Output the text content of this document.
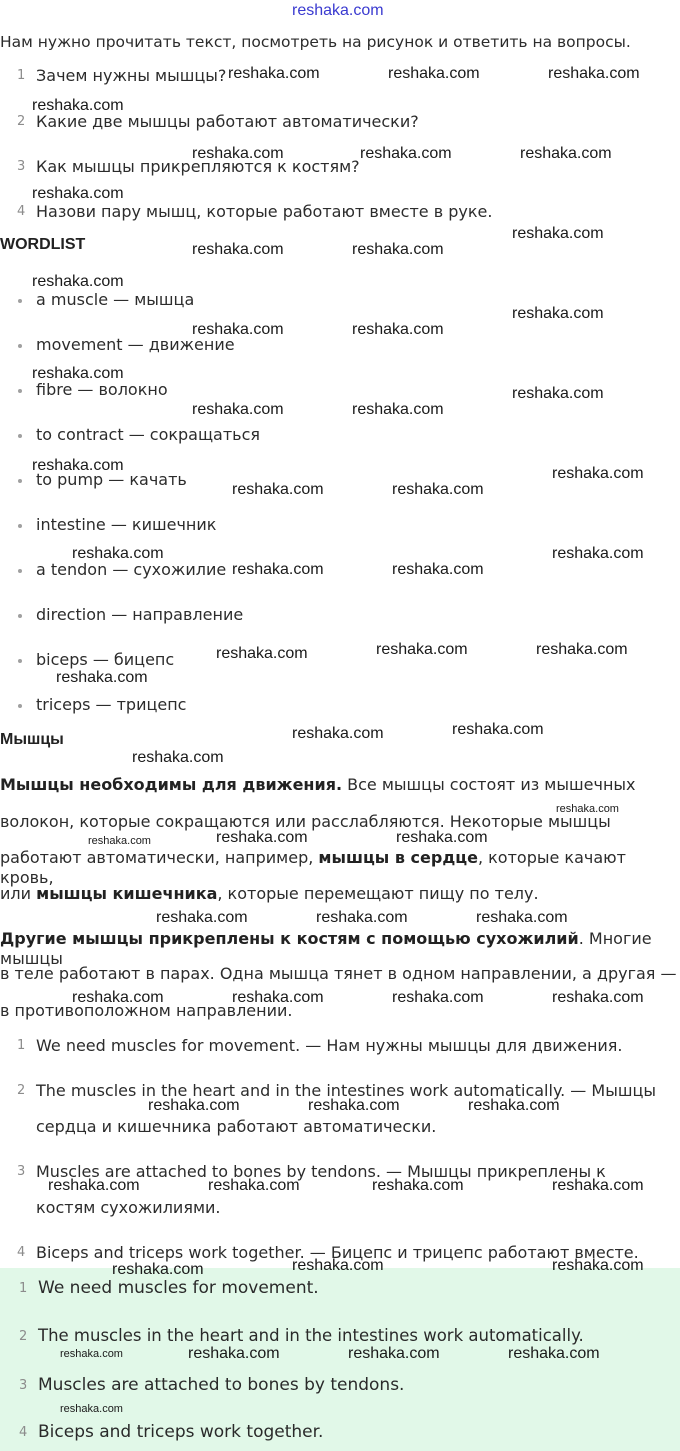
reshaka.com
Нам нужно прочитать текст, посмотреть на рисунок и ответить на вопросы.
1 Зачем нужны мышцы?
2 Какие две мышцы работают автоматически?
3 Как мышцы прикрепляются к костям?
4 Назови пару мышц, которые работают вместе в руке.
WORDLIST
a muscle — мышца
movement — движение
fibre — волокно
to contract — сокращаться
to pump — качать
intestine — кишечник
a tendon — сухожилие
direction — направление
biceps — бицепс
triceps — трицепс
Мышцы
Мышцы необходимы для движения. Все мышцы состоят из мышечных
волокон, которые сокращаются или расслабляются. Некоторые мышцы
работают автоматически, например, мышцы в сердце, которые качают кровь,
или мышцы кишечника, которые перемещают пищу по телу.
Другие мышцы прикреплены к костям с помощью сухожилий. Многие мышцы
в теле работают в парах. Одна мышца тянет в одном направлении, а другая —
в противоположном направлении.
1 We need muscles for movement. — Нам нужны мышцы для движения.
2 The muscles in the heart and in the intestines work automatically. — Мышцы
сердца и кишечника работают автоматически.
3 Muscles are attached to bones by tendons. — Мышцы прикреплены к
костям сухожилиями.
4 Biceps and triceps work together. — Бицепс и трицепс работают вместе.
1 We need muscles for movement.
2 The muscles in the heart and in the intestines work automatically.
3 Muscles are attached to bones by tendons.
4 Biceps and triceps work together.
reshaka.com	reshaka.com	reshaka.com
reshaka.com
reshaka.com	reshaka.com	reshaka.com
reshaka.com
reshaka.com
reshaka.com	reshaka.com
reshaka.com
reshaka.com
reshaka.com	reshaka.com
reshaka.com
reshaka.com
reshaka.com	reshaka.com
reshaka.com	reshaka.com
reshaka.com	reshaka.com
reshaka.com	reshaka.com
reshaka.com	reshaka.com
reshaka.com	reshaka.com
reshaka.com
reshaka.com
reshaka.com
reshaka.com
reshaka.com
reshaka.com
reshaka.com	reshaka.com
reshaka.com
reshaka.com	reshaka.com	reshaka.com
reshaka.com	reshaka.com	reshaka.com	reshaka.com
reshaka.com	reshaka.com	reshaka.com
reshaka.com	reshaka.com	reshaka.com	reshaka.com
reshaka.com	reshaka.com
reshaka.com
reshaka.com	reshaka.com	reshaka.com	reshaka.com
reshaka.com
